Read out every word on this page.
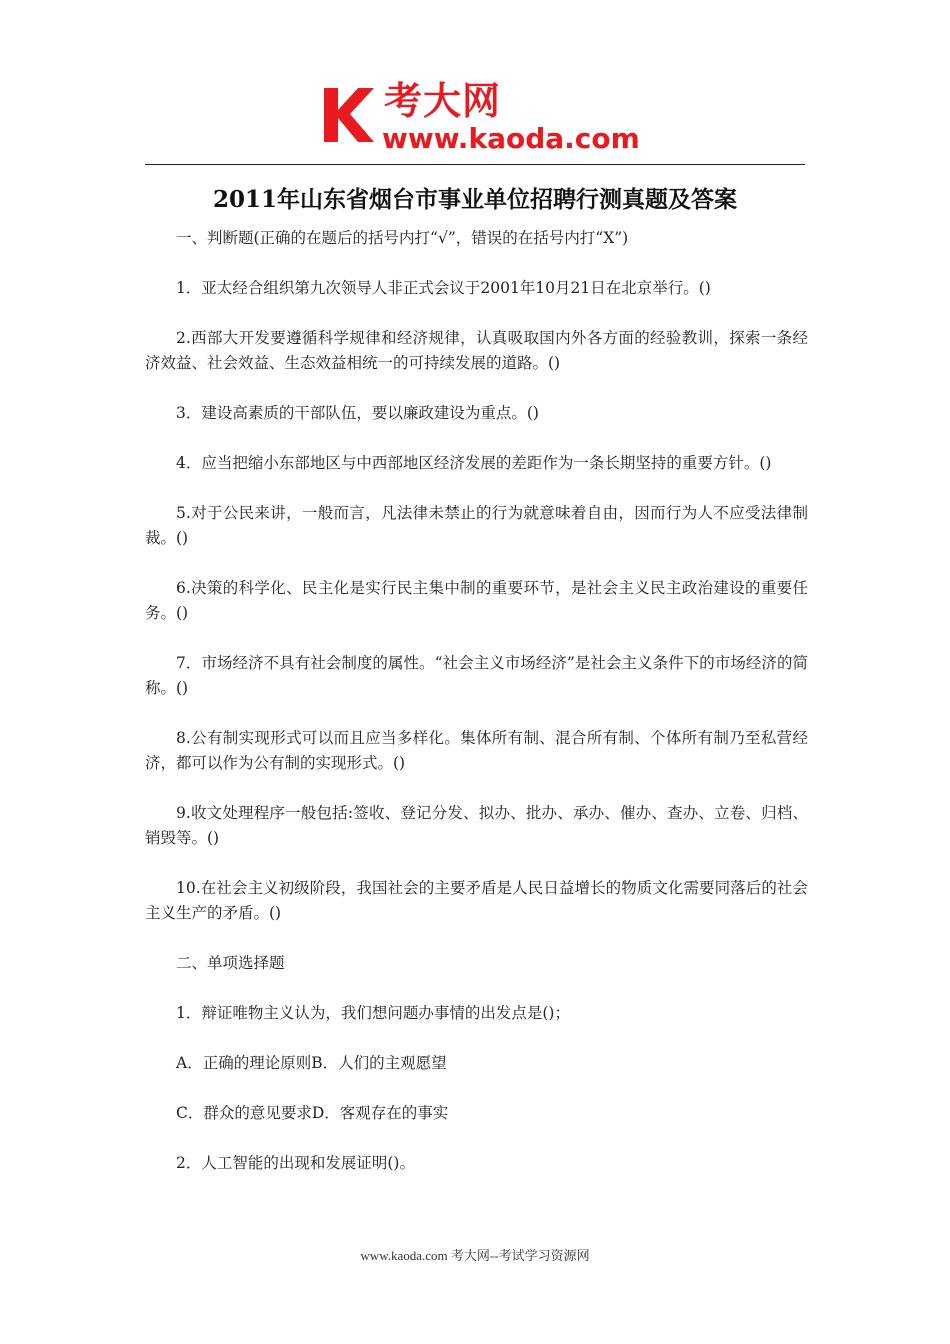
考大网
www.kaoda.com
2011年山东省烟台市事业单位招聘行测真题及答案

一、判断题(正确的在题后的括号内打“√”，错误的在括号内打“X”)

1．亚太经合组织第九次领导人非正式会议于2001年10月21日在北京举行。()

2.西部大开发要遵循科学规律和经济规律，认真吸取国内外各方面的经验教训，探索一条经济效益、社会效益、生态效益相统一的可持续发展的道路。()

3．建设高素质的干部队伍，要以廉政建设为重点。()

4．应当把缩小东部地区与中西部地区经济发展的差距作为一条长期坚持的重要方针。()

5.对于公民来讲，一般而言，凡法律未禁止的行为就意味着自由，因而行为人不应受法律制裁。()

6.决策的科学化、民主化是实行民主集中制的重要环节，是社会主义民主政治建设的重要任务。()

7．市场经济不具有社会制度的属性。“社会主义市场经济”是社会主义条件下的市场经济的简称。()

8.公有制实现形式可以而且应当多样化。集体所有制、混合所有制、个体所有制乃至私营经济，都可以作为公有制的实现形式。()

9.收文处理程序一般包括:签收、登记分发、拟办、批办、承办、催办、查办、立卷、归档、销毁等。()

10.在社会主义初级阶段，我国社会的主要矛盾是人民日益增长的物质文化需要同落后的社会主义生产的矛盾。()

二、单项选择题

1．辩证唯物主义认为，我们想问题办事情的出发点是()；

A．正确的理论原则B．人们的主观愿望

C．群众的意见要求D．客观存在的事实

2．人工智能的出现和发展证明()。

www.kaoda.com 考大网--考试学习资源网
